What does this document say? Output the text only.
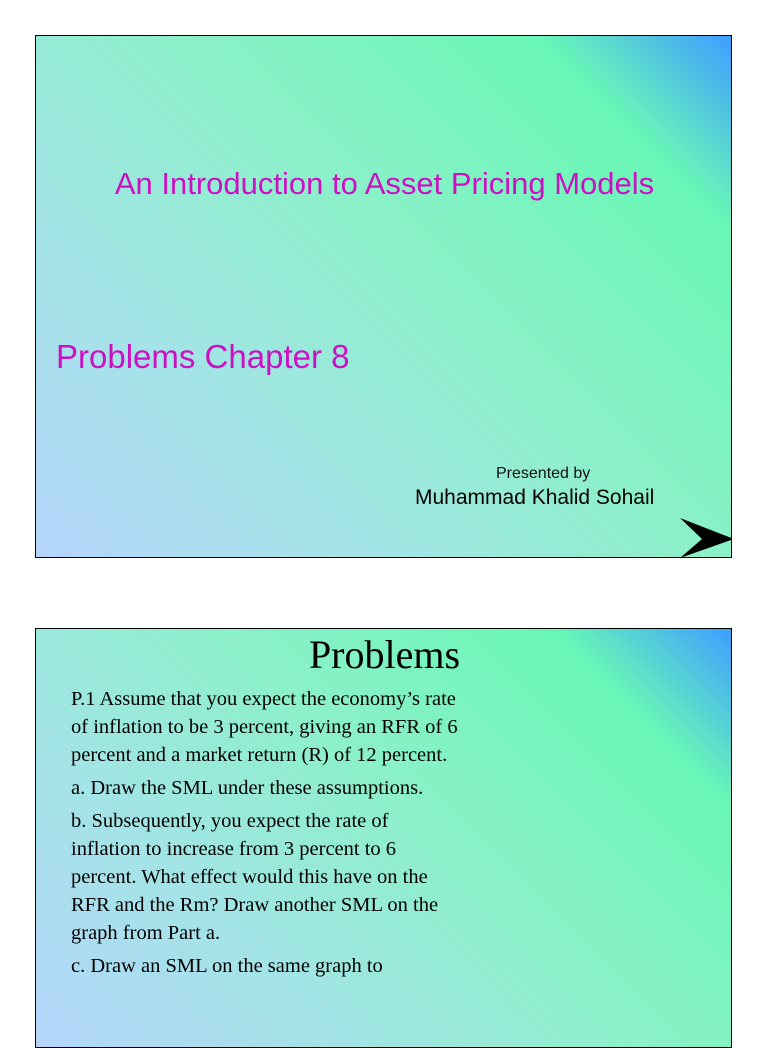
An Introduction to Asset Pricing Models
Problems Chapter 8
Presented by
Muhammad Khalid Sohail
Problems

P.1 Assume that you expect the economy’s rate of inflation to be 3 percent, giving an RFR of 6 percent and a market return (R) of 12 percent.

a. Draw the SML under these assumptions.

b. Subsequently, you expect the rate of inflation to increase from 3 percent to 6 percent. What effect would this have on the RFR and the Rm? Draw another SML on the graph from Part a.

c. Draw an SML on the same graph to
